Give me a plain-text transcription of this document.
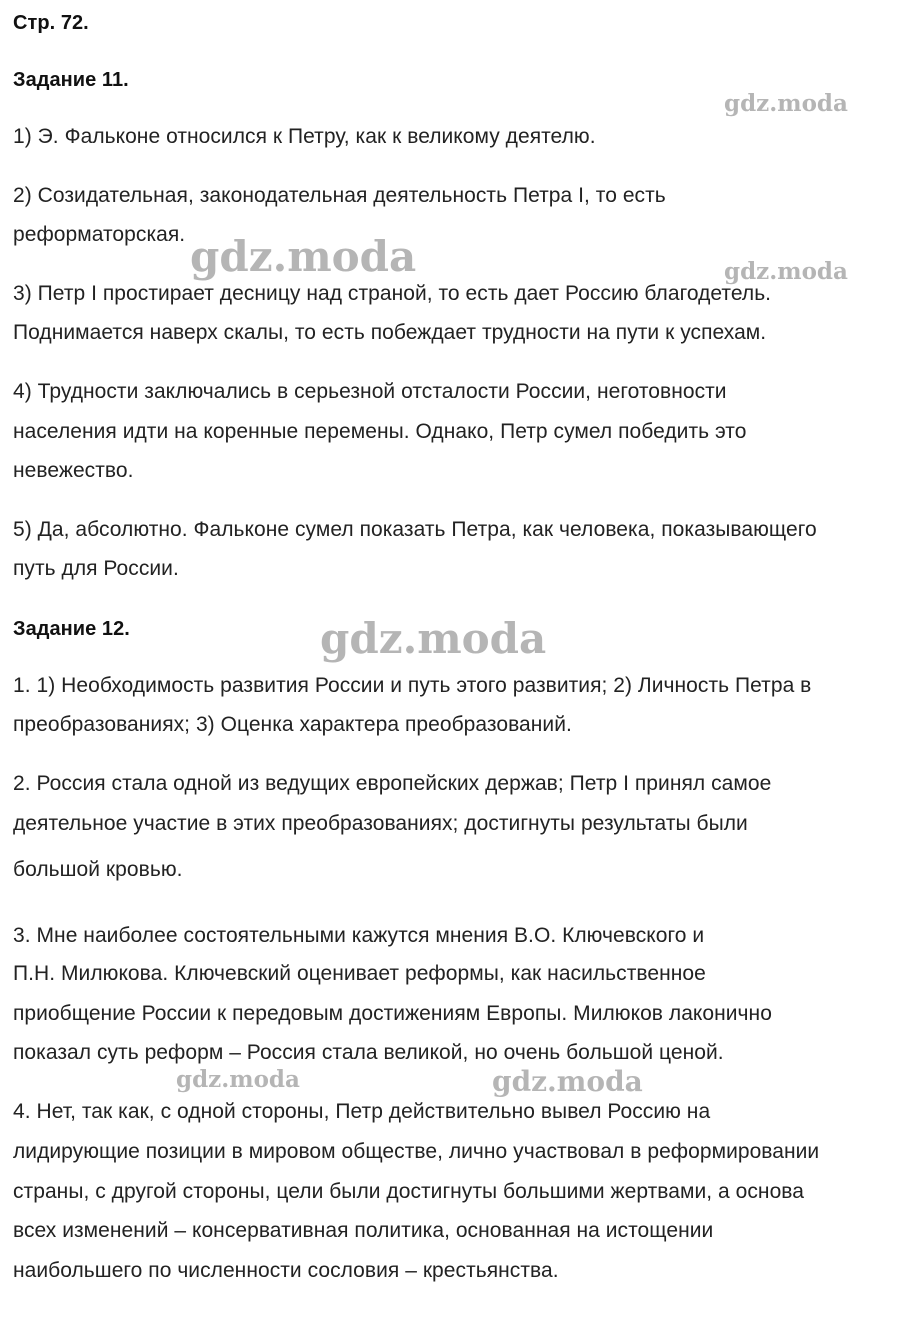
Стр. 72.
Задание 11.
1) Э. Фальконе относился к Петру, как к великому деятелю.
2) Созидательная, законодательная деятельность Петра I, то есть
реформаторская.
3) Петр I простирает десницу над страной, то есть дает Россию благодетель.
Поднимается наверх скалы, то есть побеждает трудности на пути к успехам.
4) Трудности заключались в серьезной отсталости России, неготовности
населения идти на коренные перемены. Однако, Петр сумел победить это
невежество.
5) Да, абсолютно. Фальконе сумел показать Петра, как человека, показывающего
путь для России.
Задание 12.
1. 1) Необходимость развития России и путь этого развития; 2) Личность Петра в
преобразованиях; 3) Оценка характера преобразований.
2. Россия стала одной из ведущих европейских держав; Петр I принял самое
деятельное участие в этих преобразованиях; достигнуты результаты были
большой кровью.
3. Мне наиболее состоятельными кажутся мнения В.О. Ключевского и
П.Н. Милюкова. Ключевский оценивает реформы, как насильственное
приобщение России к передовым достижениям Европы. Милюков лаконично
показал суть реформ – Россия стала великой, но очень большой ценой.
4. Нет, так как, с одной стороны, Петр действительно вывел Россию на
лидирующие позиции в мировом обществе, лично участвовал в реформировании
страны, с другой стороны, цели были достигнуты большими жертвами, а основа
всех изменений – консервативная политика, основанная на истощении
наибольшего по численности сословия – крестьянства.
gdz.moda
gdz.moda	gdz.moda
gdz.moda
gdz.moda	gdz.moda
